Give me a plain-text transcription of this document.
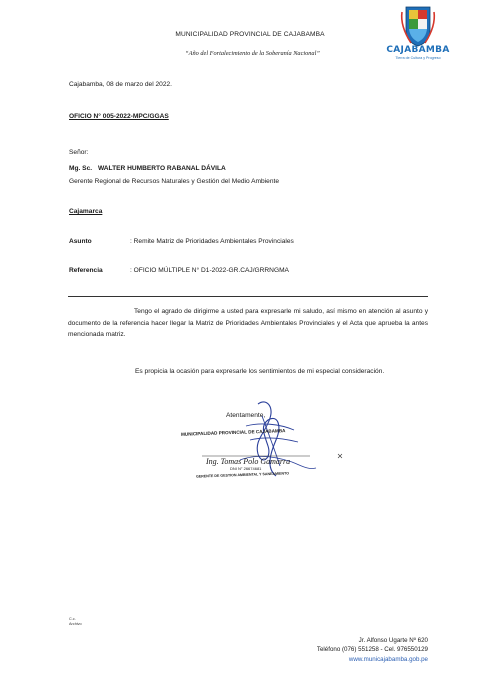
MUNICIPALIDAD PROVINCIAL DE CAJABAMBA
“Año del Fortalecimiento de la Soberanía Nacional”	CAJABAMBA
Tierra de Cultura y Progreso
Cajabamba, 08 de marzo del 2022.
OFICIO N° 005-2022-MPC/GGAS
Señor:
Mg. Sc. WALTER HUMBERTO RABANAL DÁVILA
Gerente Regional de Recursos Naturales y Gestión del Medio Ambiente
Cajamarca
Asunto	: Remite Matriz de Prioridades Ambientales Provinciales
Referencia	: OFICIO MÚLTIPLE N° D1-2022-GR.CAJ/GRRNGMA
Tengo el agrado de dirigirme a usted para expresarle mi saludo, así mismo en atención al asunto y documento de la referencia hacer llegar la Matriz de Prioridades Ambientales Provinciales y el Acta que aprueba la antes mencionada matriz.
Es propicia la ocasión para expresarle los sentimientos de mi especial consideración.
Atentamente,
MUNICIPALIDAD PROVINCIAL DE CAJABAMBA
Ing. Tomas Polo Gamarra
DNI N° 26674681
GERENTE DE GESTION AMBIENTAL Y SANEAMIENTO
C.c.
Archivo
Jr. Alfonso Ugarte Nº 620
Teléfono (076) 551258 - Cel. 976550129
www.municajabamba.gob.pe
